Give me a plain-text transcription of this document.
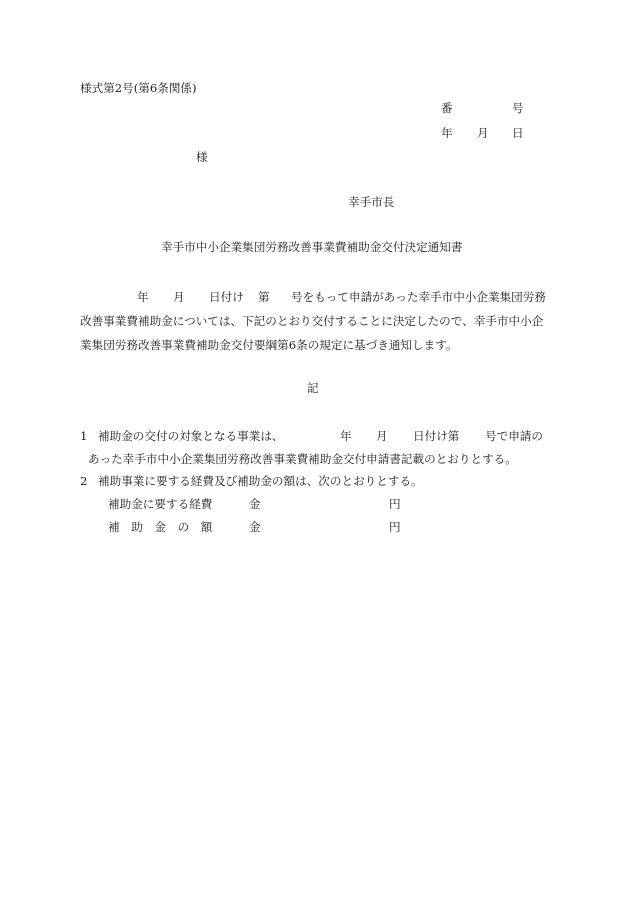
様式第2号(第6条関係)
番	号
年 月 日
様
幸手市長
幸手市中小企業集団労務改善事業費補助金交付決定通知書
年 月 日付け 第 号をもって申請があった幸手市中小企業集団労務
改善事業費補助金については、下記のとおり交付することに決定したので、幸手市中小企
業集団労務改善事業費補助金交付要綱第6条の規定に基づき通知します。
記
1 補助金の交付の対象となる事業は、	年 月 日付け第 号で申請の
あった幸手市中小企業集団労務改善事業費補助金交付申請書記載のとおりとする。
2 補助事業に要する経費及び補助金の額は、次のとおりとする。
補助金に要する経費	金	円
補　助　金　の　額	金	円
